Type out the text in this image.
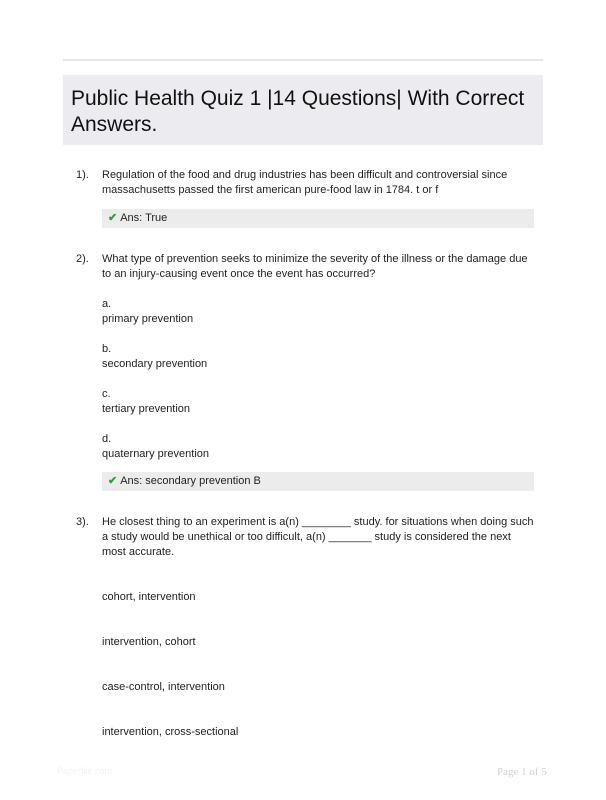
Public Health Quiz 1 |14 Questions| With Correct Answers.
1). Regulation of the food and drug industries has been difficult and controversial since massachusetts passed the first american pure-food law in 1784. t or f
✔ Ans: True
2). What type of prevention seeks to minimize the severity of the illness or the damage due to an injury-causing event once the event has occurred?
a.
primary prevention
b.
secondary prevention
c.
tertiary prevention
d.
quaternary prevention
✔ Ans: secondary prevention B
3). He closest thing to an experiment is a(n) ________ study. for situations when doing such a study would be unethical or too difficult, a(n) _______ study is considered the next most accurate.
cohort, intervention
intervention, cohort
case-control, intervention
intervention, cross-sectional
Paperfile.com	Page 1 of 5
